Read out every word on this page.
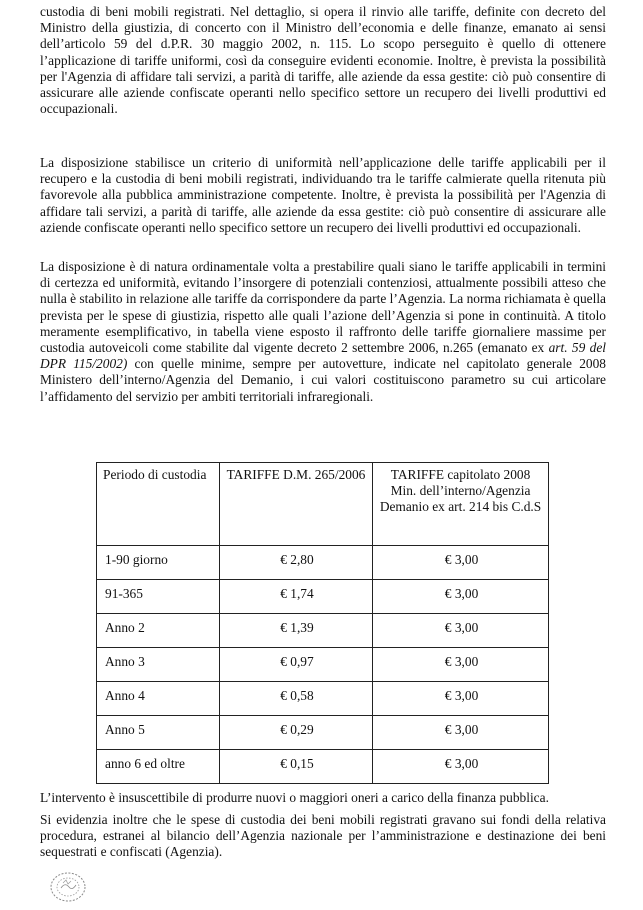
custodia di beni mobili registrati. Nel dettaglio, si opera il rinvio alle tariffe, definite con decreto del Ministro della giustizia, di concerto con il Ministro dell’economia e delle finanze, emanato ai sensi dell’articolo 59 del d.P.R. 30 maggio 2002, n. 115. Lo scopo perseguito è quello di ottenere l’applicazione di tariffe uniformi, così da conseguire evidenti economie. Inoltre, è prevista la possibilità per l'Agenzia di affidare tali servizi, a parità di tariffe, alle aziende da essa gestite: ciò può consentire di assicurare alle aziende confiscate operanti nello specifico settore un recupero dei livelli produttivi ed occupazionali.

La disposizione stabilisce un criterio di uniformità nell’applicazione delle tariffe applicabili per il recupero e la custodia di beni mobili registrati, individuando tra le tariffe calmierate quella ritenuta più favorevole alla pubblica amministrazione competente. Inoltre, è prevista la possibilità per l'Agenzia di affidare tali servizi, a parità di tariffe, alle aziende da essa gestite: ciò può consentire di assicurare alle aziende confiscate operanti nello specifico settore un recupero dei livelli produttivi ed occupazionali.

La disposizione è di natura ordinamentale volta a prestabilire quali siano le tariffe applicabili in termini di certezza ed uniformità, evitando l’insorgere di potenziali contenziosi, attualmente possibili atteso che nulla è stabilito in relazione alle tariffe da corrispondere da parte l’Agenzia. La norma richiamata è quella prevista per le spese di giustizia, rispetto alle quali l’azione dell’Agenzia si pone in continuità. A titolo meramente esemplificativo, in tabella viene esposto il raffronto delle tariffe giornaliere massime per custodia autoveicoli come stabilite dal vigente decreto 2 settembre 2006, n.265 (emanato ex art. 59 del DPR 115/2002) con quelle minime, sempre per autovetture, indicate nel capitolato generale 2008 Ministero dell’interno/Agenzia del Demanio, i cui valori costituiscono parametro su cui articolare l’affidamento del servizio per ambiti territoriali infraregionali.

Periodo di custodia	TARIFFE D.M. 265/2006	TARIFFE capitolato 2008 Min. dell’interno/Agenzia Demanio ex art. 214 bis C.d.S
1-90 giorno	€ 2,80	€ 3,00
91-365	€ 1,74	€ 3,00
Anno 2	€ 1,39	€ 3,00
Anno 3	€ 0,97	€ 3,00
Anno 4	€ 0,58	€ 3,00
Anno 5	€ 0,29	€ 3,00
anno 6 ed oltre	€ 0,15	€ 3,00

L’intervento è insuscettibile di produrre nuovi o maggiori oneri a carico della finanza pubblica.

Si evidenzia inoltre che le spese di custodia dei beni mobili registrati gravano sui fondi della relativa procedura, estranei al bilancio dell’Agenzia nazionale per l’amministrazione e destinazione dei beni sequestrati e confiscati (Agenzia).
